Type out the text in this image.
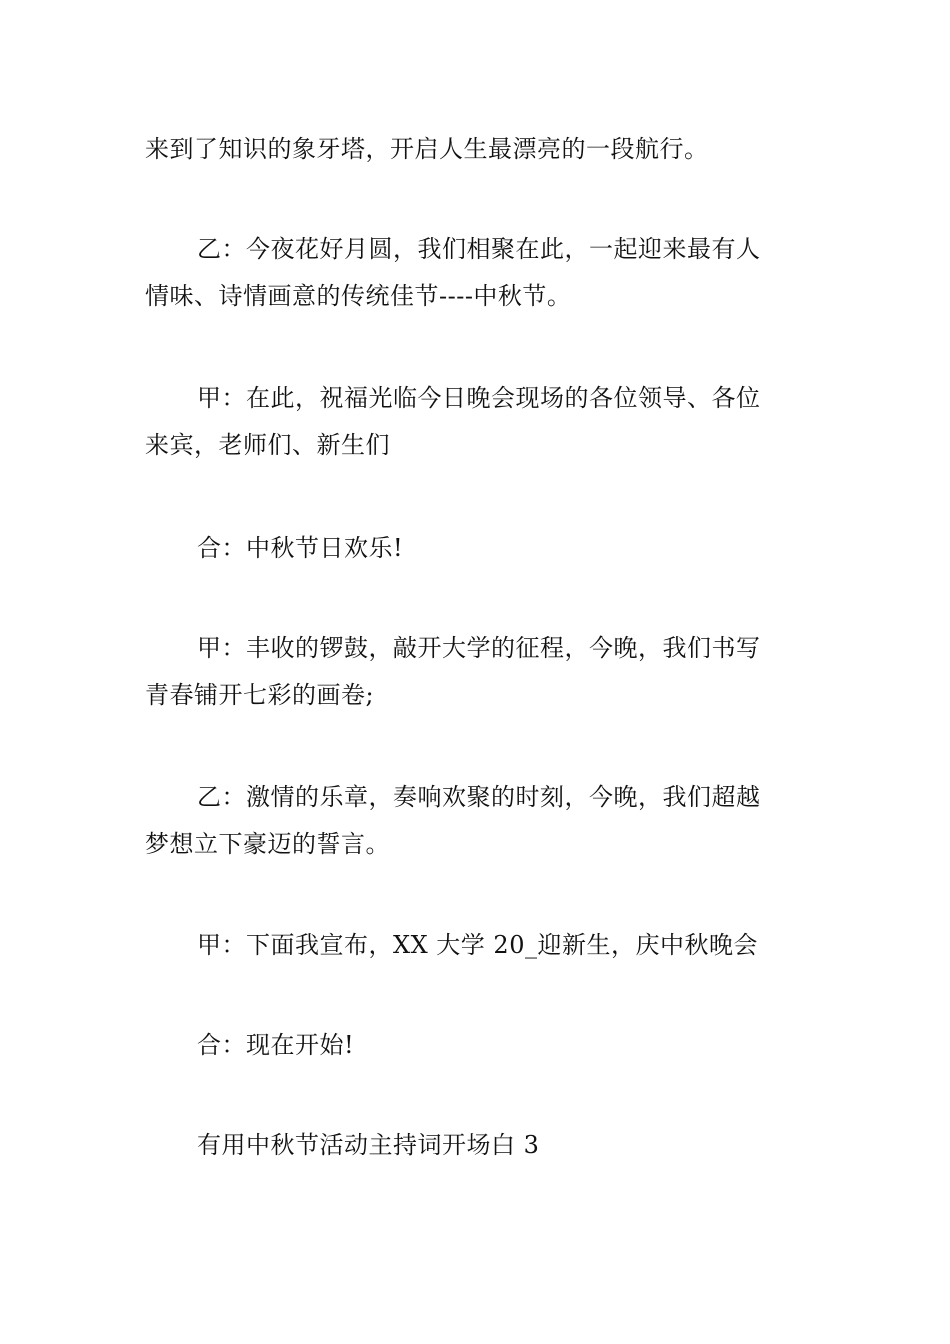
来到了知识的象牙塔，开启人生最漂亮的一段航行。

乙：今夜花好月圆，我们相聚在此，一起迎来最有人
情味、诗情画意的传统佳节----中秋节。

甲：在此，祝福光临今日晚会现场的各位领导、各位
来宾，老师们、新生们

合：中秋节日欢乐!

甲：丰收的锣鼓，敲开大学的征程，今晚，我们书写
青春铺开七彩的画卷;

乙：激情的乐章，奏响欢聚的时刻，今晚，我们超越
梦想立下豪迈的誓言。

甲：下面我宣布，XX 大学 20_迎新生，庆中秋晚会

合：现在开始!

有用中秋节活动主持词开场白 3
